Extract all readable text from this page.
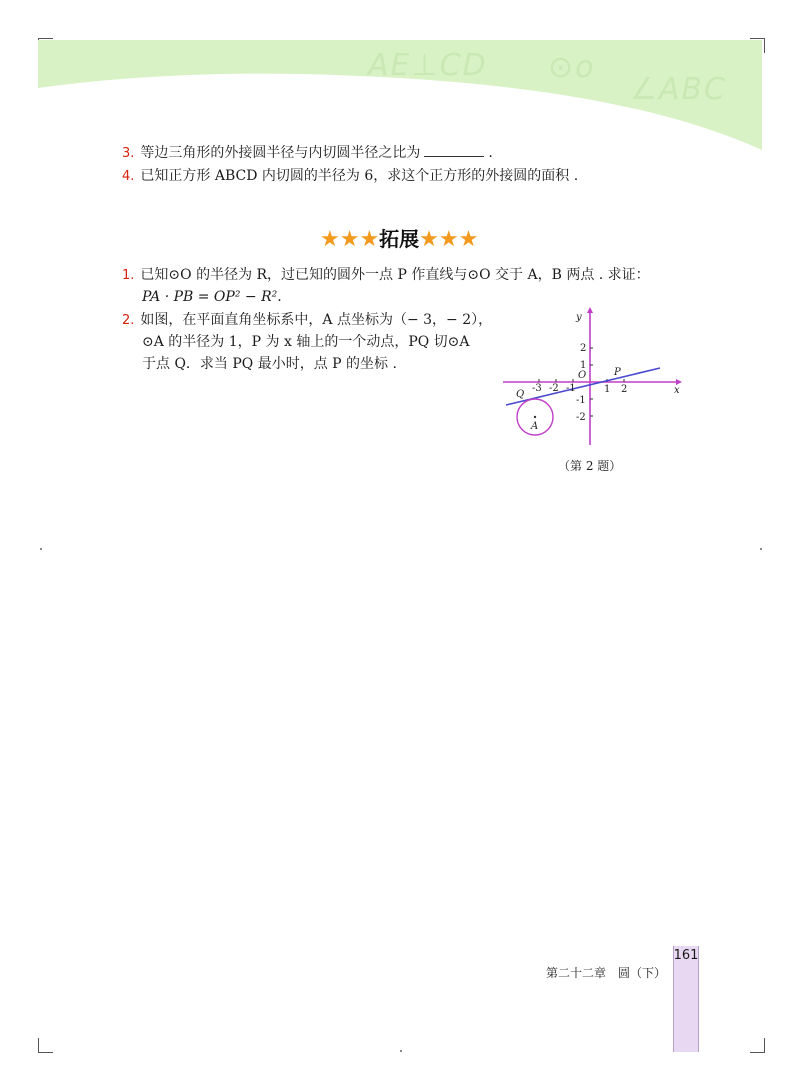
AE⊥CD ⊙o
∠ABC
3. 等边三角形的外接圆半径与内切圆半径之比为	.
4. 已知正方形 ABCD 内切圆的半径为 6，求这个正方形的外接圆的面积 .
★★★拓展★★★
1. 已知⊙O 的半径为 R，过已知的圆外一点 P 作直线与⊙O 交于 A，B 两点 . 求证：
PA · PB = OP² − R².
2. 如图，在平面直角坐标系中，A 点坐标为（− 3，− 2），
⊙A 的半径为 1，P 为 x 轴上的一个动点，PQ 切⊙A
于点 Q．求当 PQ 最小时，点 P 的坐标 .
x
y
O
-3 -2 -1	1 2
2
1
-1
-2
P
Q
A
（第 2 题）
161
第二十二章　圆（下）
